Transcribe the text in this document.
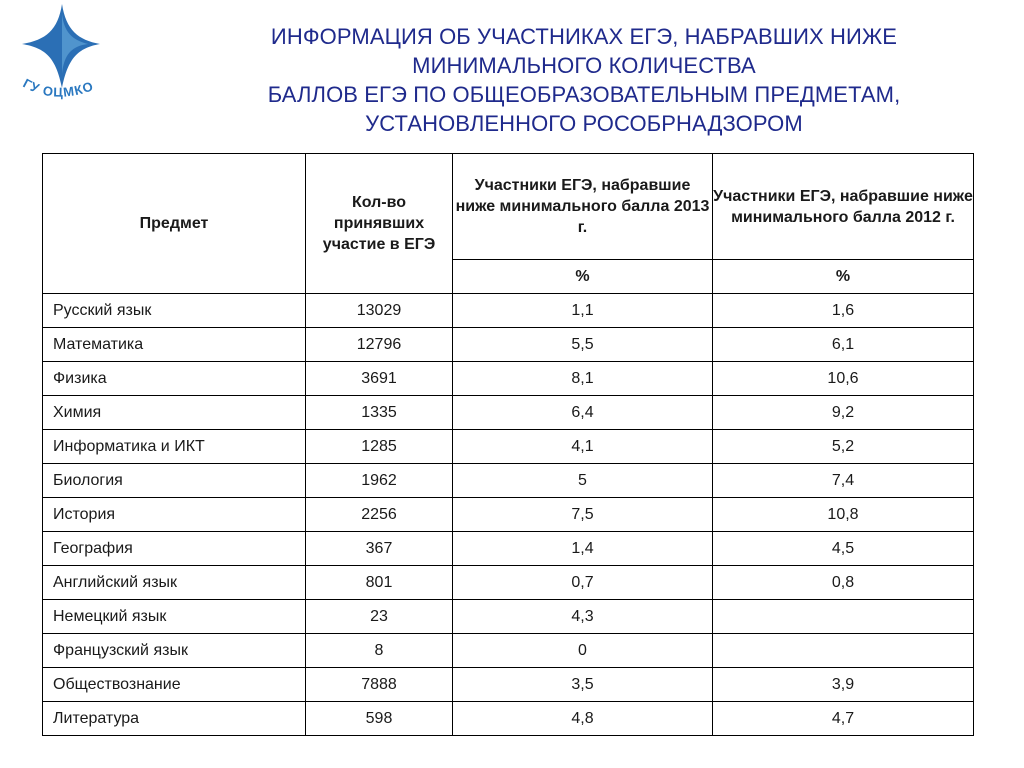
ГУ ОЦМКО
ИНФОРМАЦИЯ ОБ УЧАСТНИКАХ ЕГЭ, НАБРАВШИХ НИЖЕ
МИНИМАЛЬНОГО КОЛИЧЕСТВА
БАЛЛОВ ЕГЭ ПО ОБЩЕОБРАЗОВАТЕЛЬНЫМ ПРЕДМЕТАМ,
УСТАНОВЛЕННОГО РОСОБРНАДЗОРОМ
Предмет	Кол-во принявших участие в ЕГЭ	Участники ЕГЭ, набравшие ниже минимального балла 2013 г.	Участники ЕГЭ, набравшие ниже минимального балла 2012 г.
		%	%
Русский язык	13029	1,1	1,6
Математика	12796	5,5	6,1
Физика	3691	8,1	10,6
Химия	1335	6,4	9,2
Информатика и ИКТ	1285	4,1	5,2
Биология	1962	5	7,4
История	2256	7,5	10,8
География	367	1,4	4,5
Английский язык	801	0,7	0,8
Немецкий язык	23	4,3	
Французский язык	8	0	
Обществознание	7888	3,5	3,9
Литература	598	4,8	4,7
